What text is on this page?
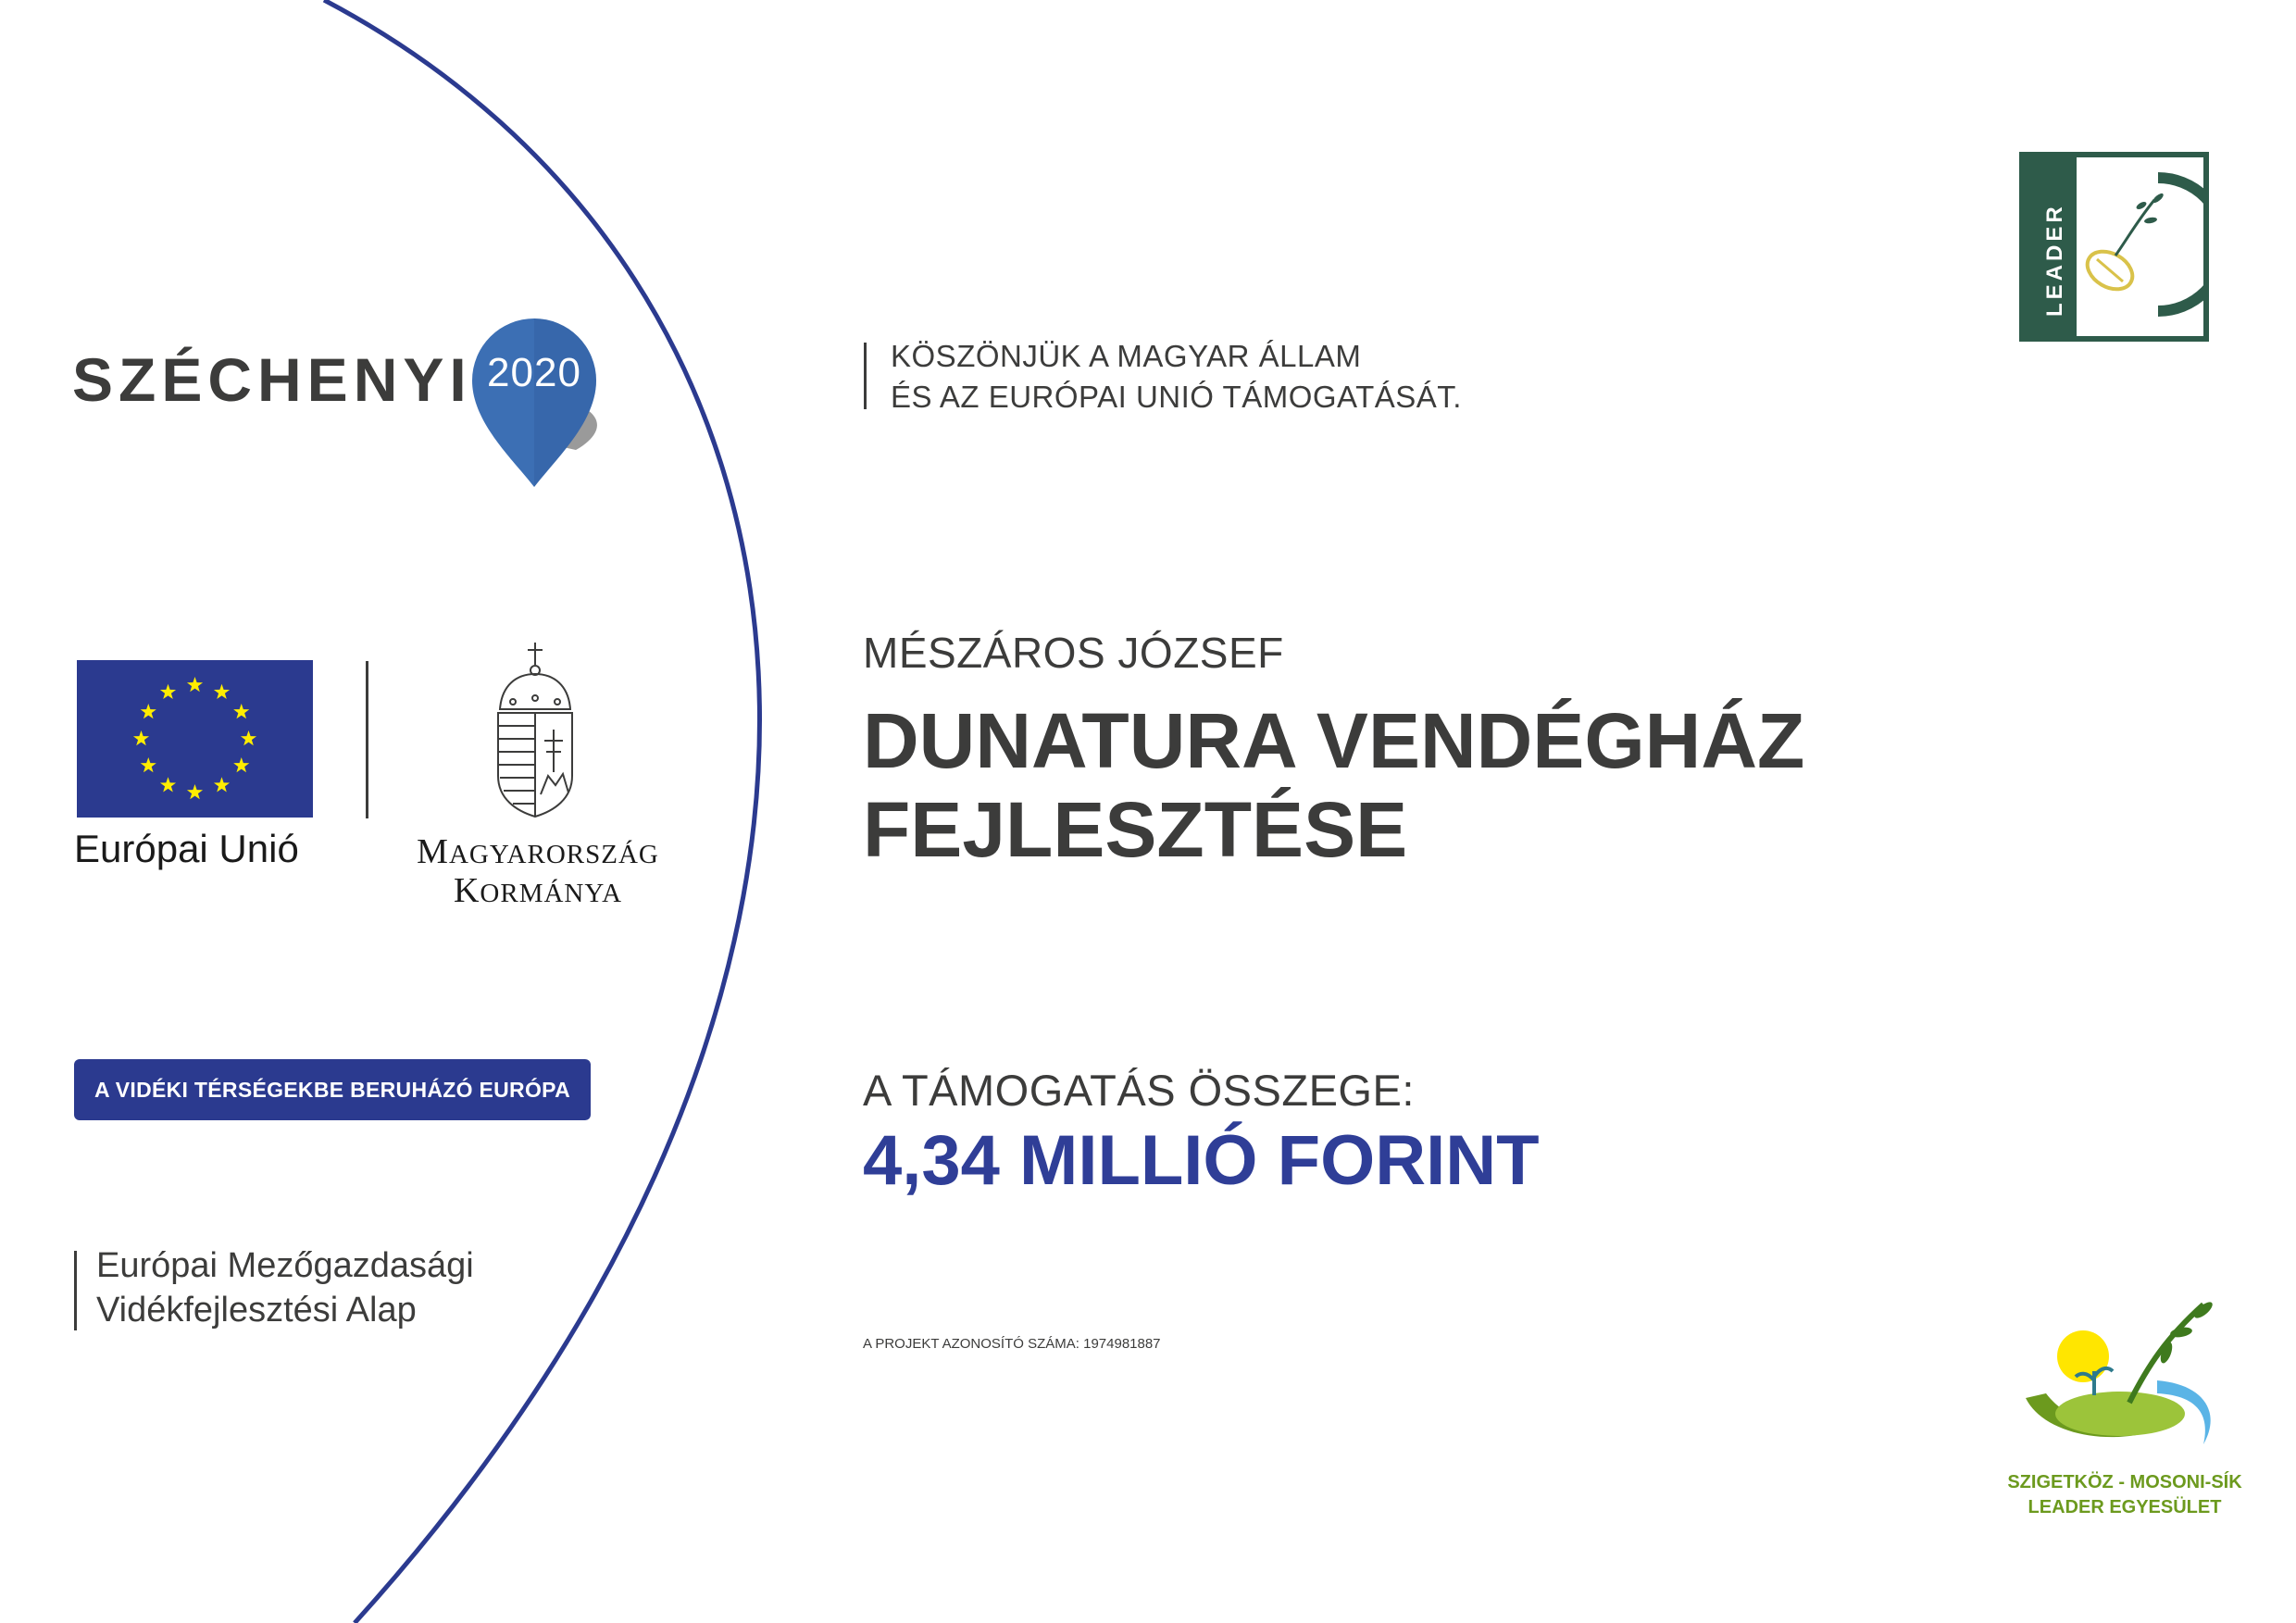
SZÉCHENYI 2020	KÖSZÖNJÜK A MAGYAR ÁLLAM
ÉS AZ EURÓPAI UNIÓ TÁMOGATÁSÁT.
Európai Unió	MAGYARORSZÁG
KORMÁNYA
A VIDÉKI TÉRSÉGEKBE BERUHÁZÓ EURÓPA
Európai Mezőgazdasági
Vidékfejlesztési Alap
MÉSZÁROS JÓZSEF
DUNATURA VENDÉGHÁZ
FEJLESZTÉSE
A TÁMOGATÁS ÖSSZEGE:
4,34 MILLIÓ FORINT
A PROJEKT AZONOSÍTÓ SZÁMA: 1974981887
LEADER
SZIGETKÖZ - MOSONI-SÍK
LEADER EGYESÜLET
